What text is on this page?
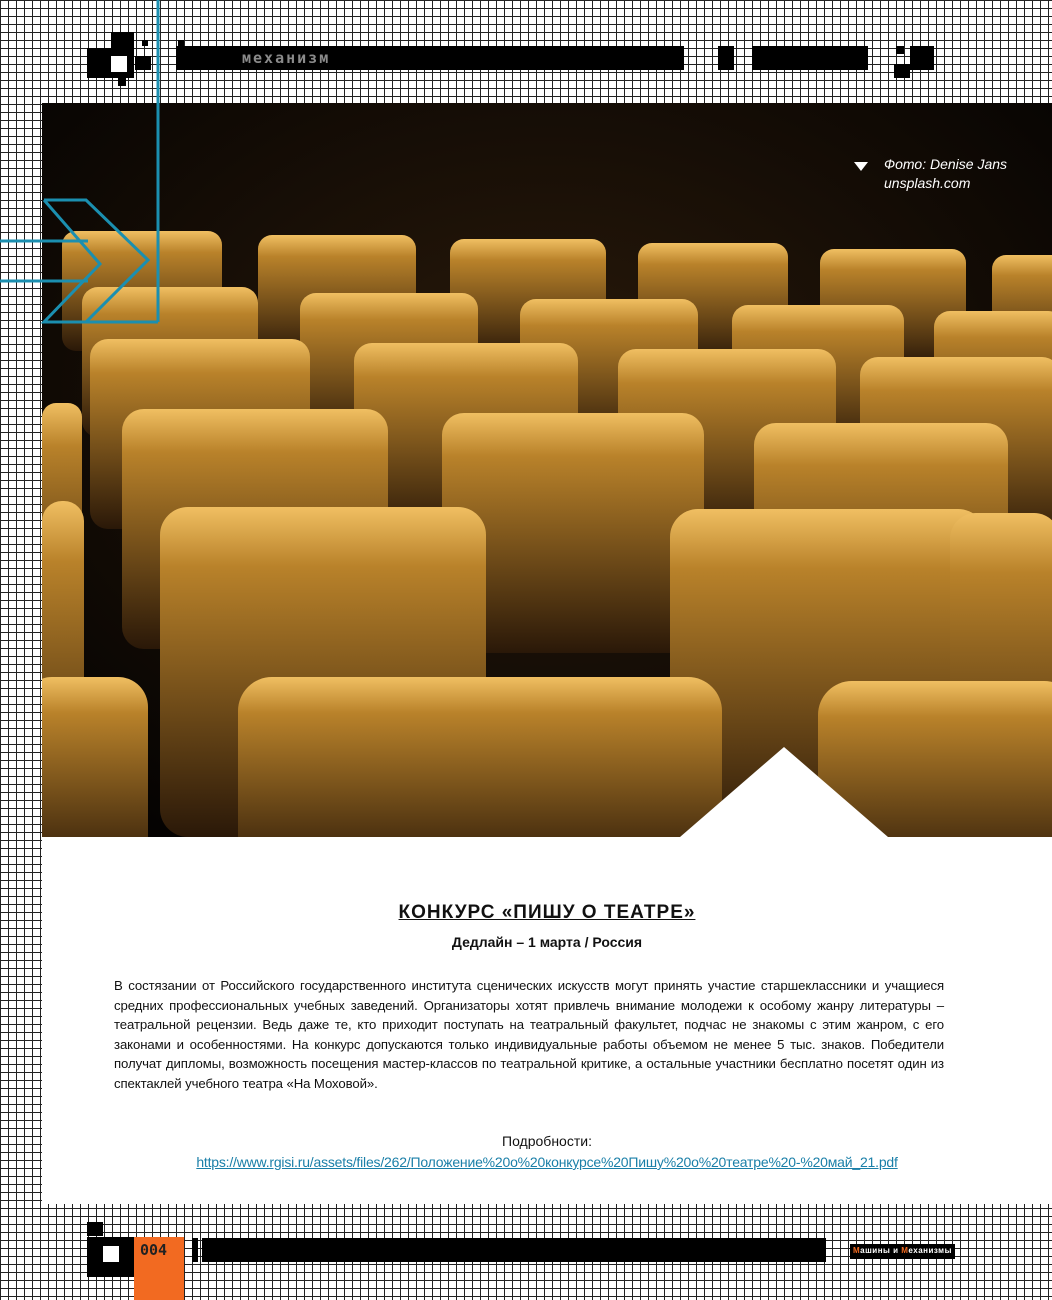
механизм
Фото: Denise Jans
unsplash.com
КОНКУРС «ПИШУ О ТЕАТРЕ»
Дедлайн – 1 марта / Россия
В состязании от Российского государственного института сценических искусств могут принять участие старшеклассники и учащиеся средних профессиональных учебных заведений. Организаторы хотят привлечь внимание молодежи к особому жанру литературы – театральной рецензии. Ведь даже те, кто приходит поступать на театральный факультет, подчас не знакомы с этим жанром, с его законами и особенностями. На конкурс допускаются только индивидуальные работы объемом не менее 5 тыс. знаков. Победители получат дипломы, возможность посещения мастер-классов по театральной критике, а остальные участники бесплатно посетят один из спектаклей учебного театра «На Моховой».
Подробности:
https://www.rgisi.ru/assets/files/262/Положение%20о%20конкурсе%20Пишу%20о%20театре%20-%20май_21.pdf
004	Машины и Механизмы
